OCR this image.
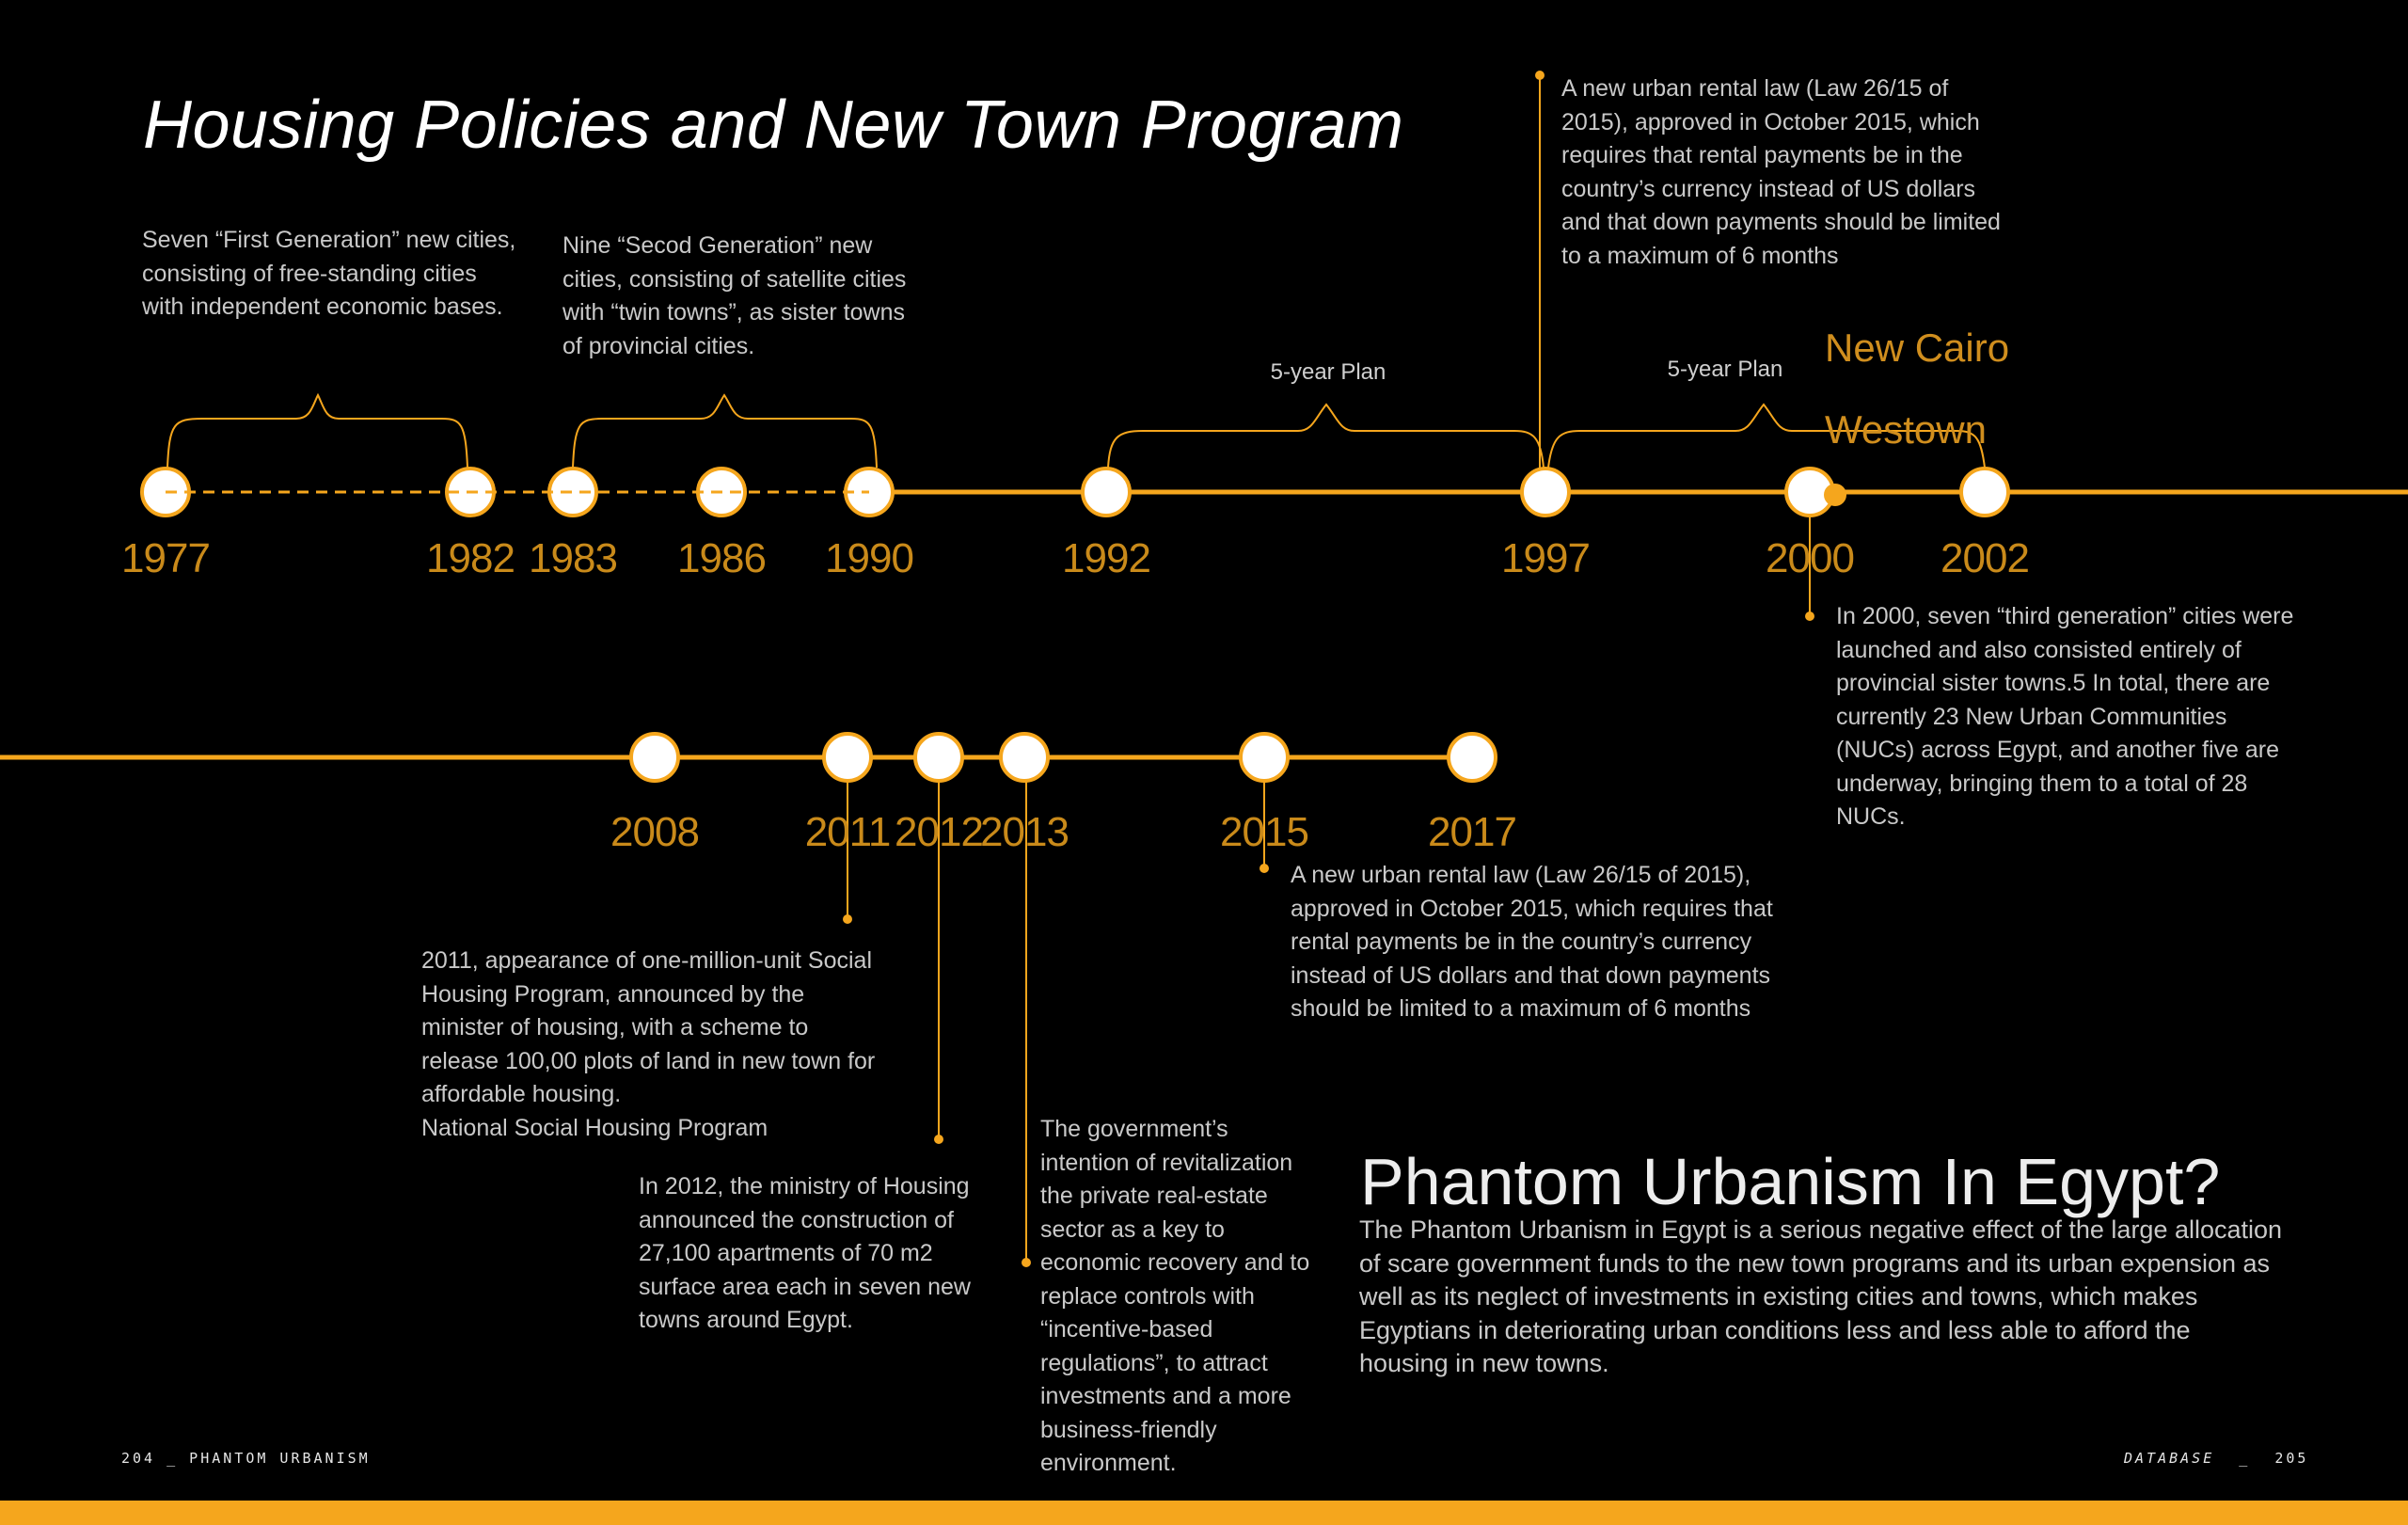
Housing Policies and New Town Program
1977	1982 1983 1986 1990	1992	1997	2000 2002
2008	2011 2012
2013	2015	2017
5-year Plan	5-year Plan New Cairo
Westown
Seven “First Generation” new cities, consisting of free-standing cities with independent economic bases.
Nine “Secod Generation” new cities, consisting of satellite cities with “twin towns”, as sister towns of provincial cities.
A new urban rental law (Law 26/15 of 2015), approved in October 2015, which requires that rental payments be in the country’s currency instead of US dollars and that down payments should be limited to a maximum of 6 months
In 2000, seven “third generation” cities were launched and also consisted entirely of provincial sister towns.5 In total, there are currently 23 New Urban Communities (NUCs) across Egypt, and another five are underway, bringing them to a total of 28 NUCs.
2011, appearance of one-million-unit Social Housing Program, announced by the minister of housing, with a scheme to release 100,00 plots of land in new town for affordable housing.
National Social Housing Program
In 2012, the ministry of Housing announced the construction of 27,100 apartments of 70 m2 surface area each in seven new towns around Egypt.
The government’s intention of revitalization the private real-estate sector as a key to economic recovery and to replace controls with “incentive-based regulations”, to attract investments and a more business-friendly environment.
A new urban rental law (Law 26/15 of 2015), approved in October 2015, which requires that rental payments be in the country’s currency instead of US dollars and that down payments should be limited to a maximum of 6 months
Phantom Urbanism In Egypt?
The Phantom Urbanism in Egypt is a serious negative effect of the large allocation of scare government funds to the new town programs and its urban expension as well as its neglect of investments in existing cities and towns, which makes Egyptians in deteriorating urban conditions less and less able to afford the housing in new towns.
204 _ PHANTOM URBANISM	DATABASE _ 205
